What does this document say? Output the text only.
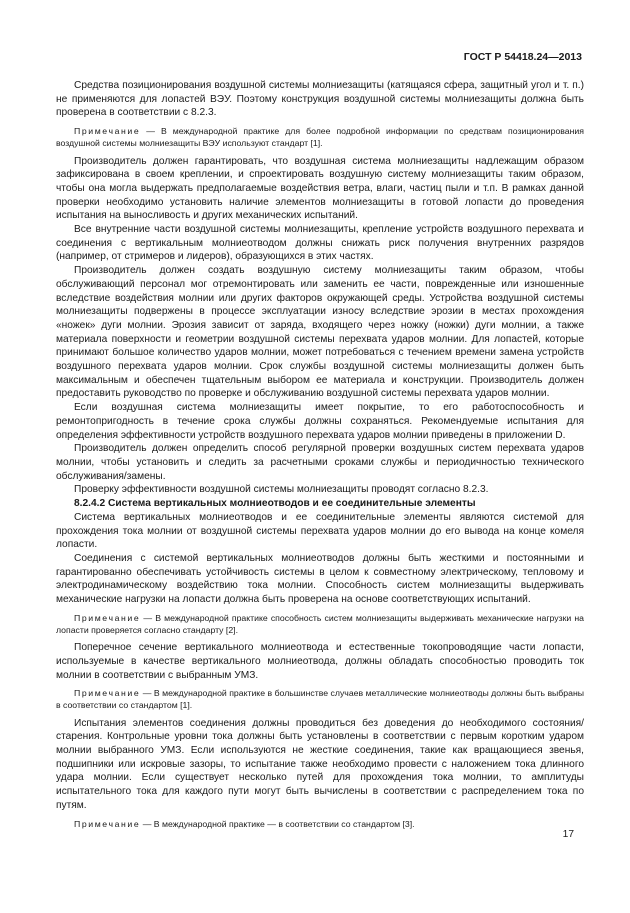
ГОСТ Р 54418.24—2013

Средства позиционирования воздушной системы молниезащиты (катящаяся сфера, защитный угол и т. п.) не применяются для лопастей ВЭУ. Поэтому конструкция воздушной системы молниезащиты должна быть проверена в соответствии с 8.2.3.

Примечание — В международной практике для более подробной информации по средствам позиционирования воздушной системы молниезащиты ВЭУ используют стандарт [1].

Производитель должен гарантировать, что воздушная система молниезащиты надлежащим образом зафиксирована в своем креплении, и спроектировать воздушную систему молниезащиты таким образом, чтобы она могла выдержать предполагаемые воздействия ветра, влаги, частиц пыли и т.п. В рамках данной проверки необходимо установить наличие элементов молниезащиты в готовой лопасти до проведения испытания на выносливость и других механических испытаний.

Все внутренние части воздушной системы молниезащиты, крепление устройств воздушного перехвата и соединения с вертикальным молниеотводом должны снижать риск получения внутренних разрядов (например, от стримеров и лидеров), образующихся в этих частях.

Производитель должен создать воздушную систему молниезащиты таким образом, чтобы обслуживающий персонал мог отремонтировать или заменить ее части, поврежденные или изношенные вследствие воздействия молнии или других факторов окружающей среды. Устройства воздушной системы молниезащиты подвержены в процессе эксплуатации износу вследствие эрозии в местах прохождения «ножек» дуги молнии. Эрозия зависит от заряда, входящего через ножку (ножки) дуги молнии, а также материала поверхности и геометрии воздушной системы перехвата ударов молнии. Для лопастей, которые принимают большое количество ударов молнии, может потребоваться с течением времени замена устройств воздушного перехвата ударов молнии. Срок службы воздушной системы молниезащиты должен быть максимальным и обеспечен тщательным выбором ее материала и конструкции. Производитель должен предоставить руководство по проверке и обслуживанию воздушной системы перехвата ударов молнии.

Если воздушная система молниезащиты имеет покрытие, то его работоспособность и ремонтопригодность в течение срока службы должны сохраняться. Рекомендуемые испытания для определения эффективности устройств воздушного перехвата ударов молнии приведены в приложении D.

Производитель должен определить способ регулярной проверки воздушных систем перехвата ударов молнии, чтобы установить и следить за расчетными сроками службы и периодичностью технического обслуживания/замены.

Проверку эффективности воздушной системы молниезащиты проводят согласно 8.2.3.

8.2.4.2 Система вертикальных молниеотводов и ее соединительные элементы

Система вертикальных молниеотводов и ее соединительные элементы являются системой для прохождения тока молнии от воздушной системы перехвата ударов молнии до его вывода на конце комеля лопасти.

Соединения с системой вертикальных молниеотводов должны быть жесткими и постоянными и гарантированно обеспечивать устойчивость системы в целом к совместному электрическому, тепловому и электродинамическому воздействию тока молнии. Способность систем молниезащиты выдерживать механические нагрузки на лопасти должна быть проверена на основе соответствующих испытаний.

Примечание — В международной практике способность систем молниезащиты выдерживать механические нагрузки на лопасти проверяется согласно стандарту [2].

Поперечное сечение вертикального молниеотвода и естественные токопроводящие части лопасти, используемые в качестве вертикального молниеотвода, должны обладать способностью проводить ток молнии в соответствии с выбранным УМЗ.

Примечание — В международной практике в большинстве случаев металлические молниеотводы должны быть выбраны в соответствии со стандартом [1].

Испытания элементов соединения должны проводиться без доведения до необходимого состояния/старения. Контрольные уровни тока должны быть установлены в соответствии с первым коротким ударом молнии выбранного УМЗ. Если используются не жесткие соединения, такие как вращающиеся звенья, подшипники или искровые зазоры, то испытание также необходимо провести с наложением тока длинного удара молнии. Если существует несколько путей для прохождения тока молнии, то амплитуды испытательного тока для каждого пути могут быть вычислены в соответствии с распределением тока по путям.

Примечание — В международной практике — в соответствии со стандартом [3].

17
